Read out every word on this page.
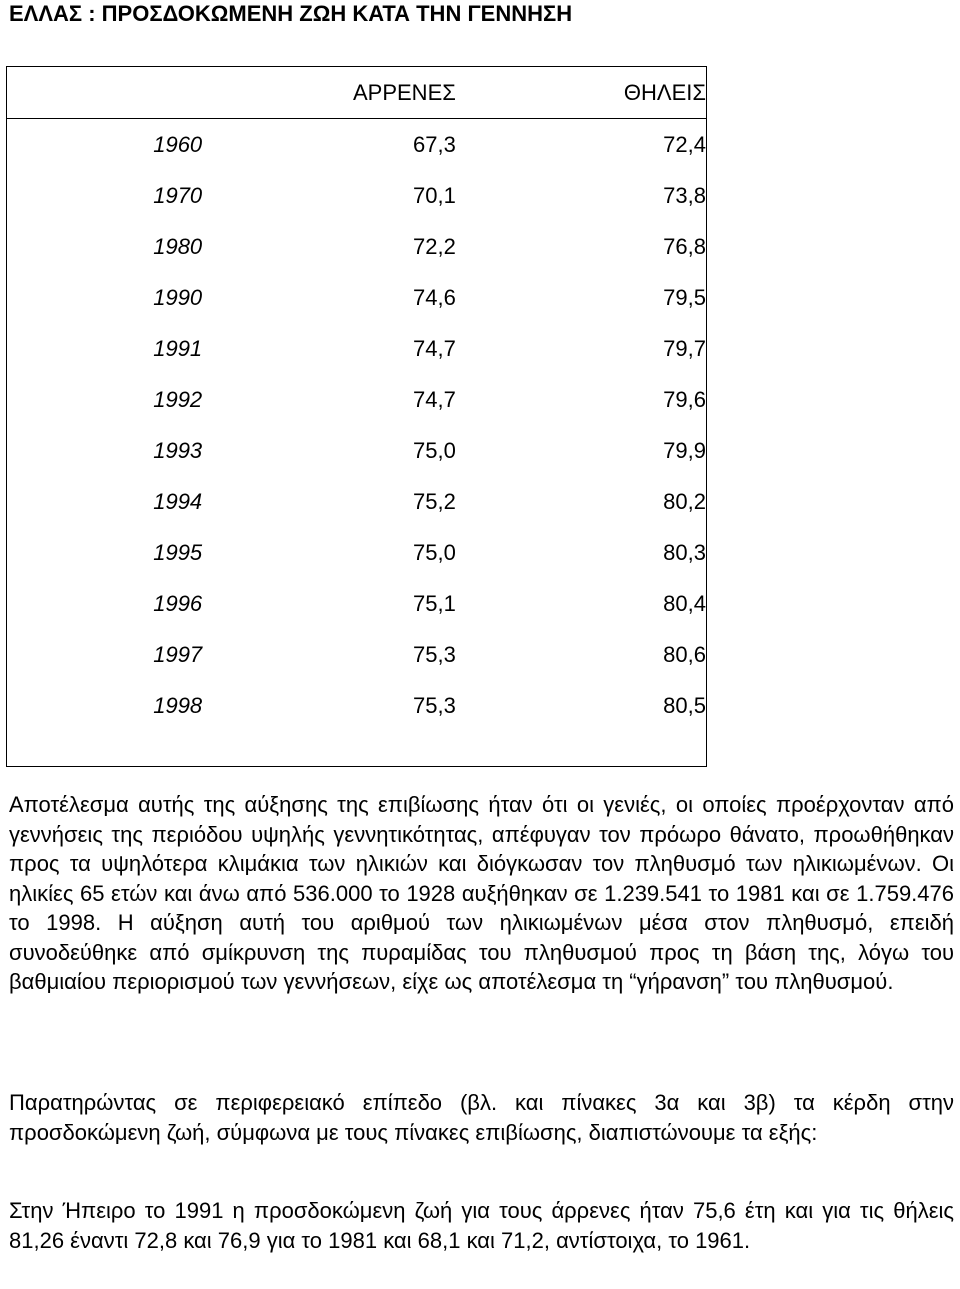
ΕΛΛΑΣ : ΠΡΟΣΔΟΚΩΜΕΝΗ ΖΩΗ ΚΑΤΑ ΤΗΝ ΓΕΝΝΗΣΗ
	ΑΡΡΕΝΕΣ	ΘΗΛΕΙΣ
1960	67,3	72,4
1970	70,1	73,8
1980	72,2	76,8
1990	74,6	79,5
1991	74,7	79,7
1992	74,7	79,6
1993	75,0	79,9
1994	75,2	80,2
1995	75,0	80,3
1996	75,1	80,4
1997	75,3	80,6
1998	75,3	80,5

Αποτέλεσμα αυτής της αύξησης της επιβίωσης ήταν ότι οι γενιές, οι οποίες προέρχονταν από γεννήσεις της περιόδου υψηλής γεννητικότητας, απέφυγαν τον πρόωρο θάνατο, προωθήθηκαν προς τα υψηλότερα κλιμάκια των ηλικιών και διόγκωσαν τον πληθυσμό των ηλικιωμένων. Οι ηλικίες 65 ετών και άνω από 536.000 το 1928 αυξήθηκαν σε 1.239.541 το 1981 και σε 1.759.476 το 1998. Η αύξηση αυτή του αριθμού των ηλικιωμένων μέσα στον πληθυσμό, επειδή συνοδεύθηκε από σμίκρυνση της πυραμίδας του πληθυσμού προς τη βάση της, λόγω του βαθμιαίου περιορισμού των γεννήσεων, είχε ως αποτέλεσμα τη “γήρανση” του πληθυσμού.

Παρατηρώντας σε περιφερειακό επίπεδο (βλ. και πίνακες 3α και 3β) τα κέρδη στην προσδοκώμενη ζωή, σύμφωνα με τους πίνακες επιβίωσης, διαπιστώνουμε τα εξής:

Στην Ήπειρο το 1991 η προσδοκώμενη ζωή για τους άρρενες ήταν 75,6 έτη και για τις θήλεις 81,26 έναντι 72,8 και 76,9 για το 1981 και 68,1 και 71,2, αντίστοιχα, το 1961.
